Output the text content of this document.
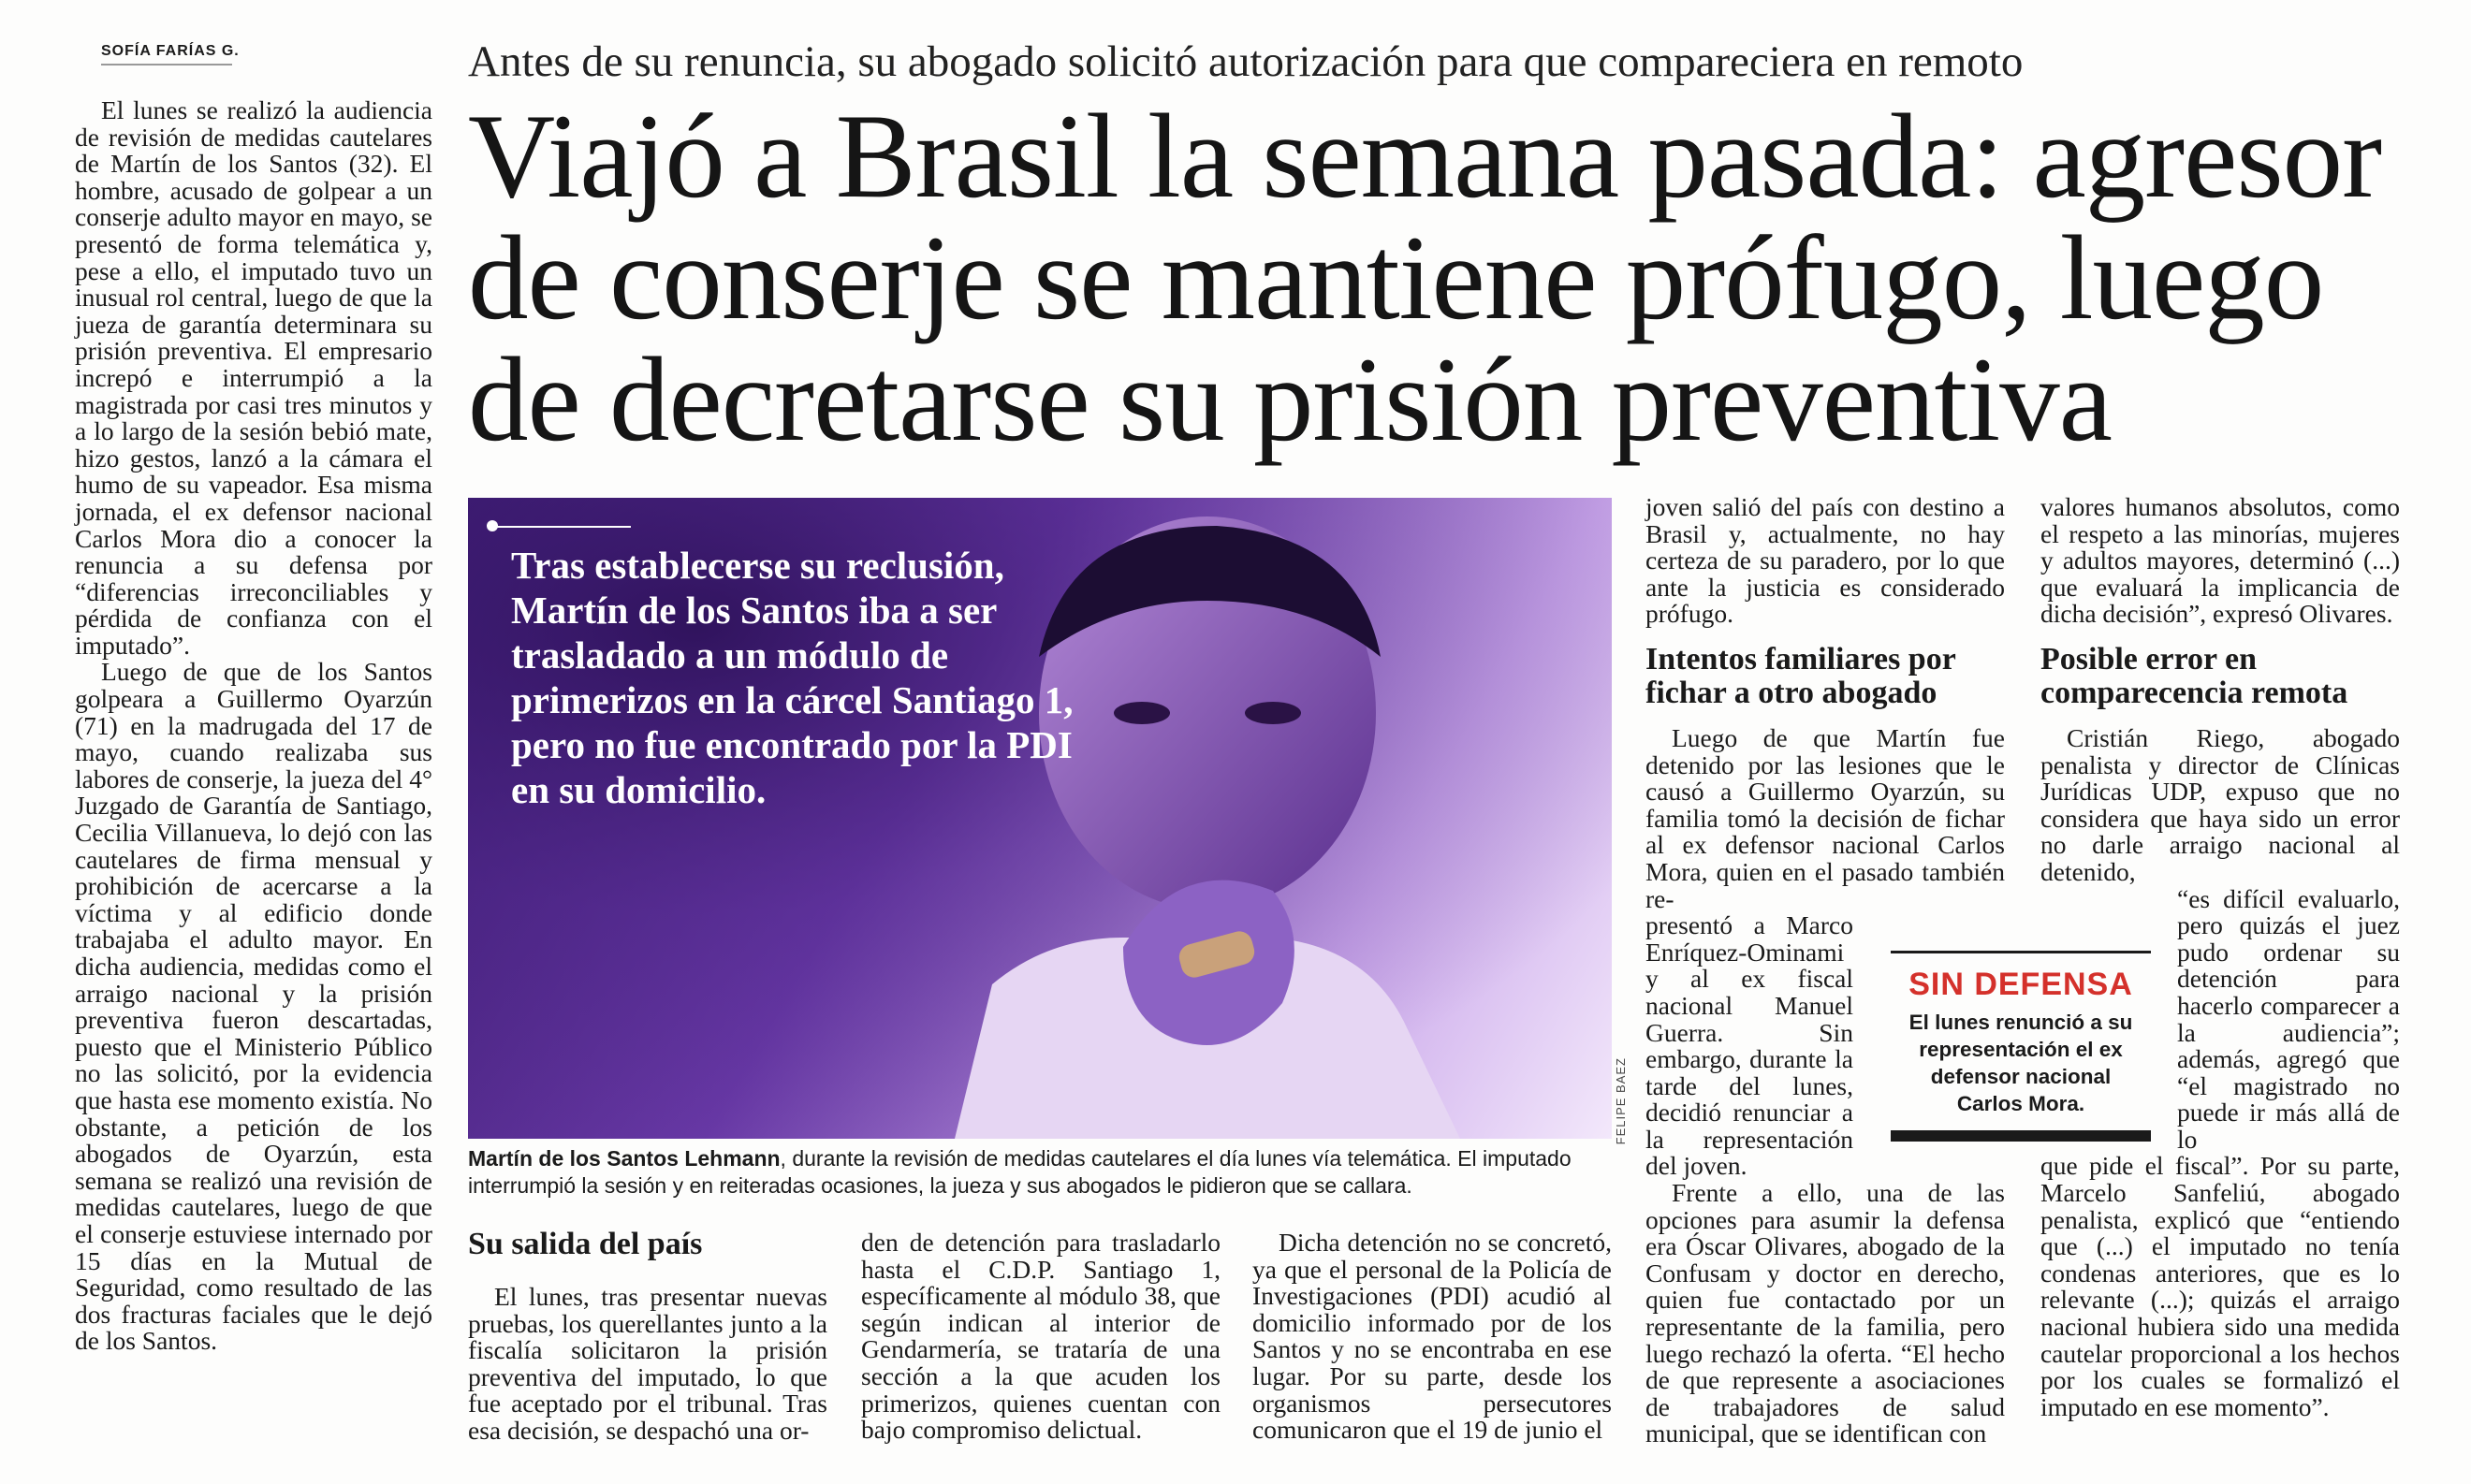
SOFÍA FARÍAS G.	Antes de su renuncia, su abogado solicitó autorización para que compareciera en remoto
Viajó a Brasil la semana pasada: agresor
de conserje se mantiene prófugo, luego
de decretarse su prisión preventiva

El lunes se realizó la audiencia de revisión de medidas cautelares de Martín de los Santos (32). El hombre, acusado de golpear a un conserje adulto mayor en mayo, se presentó de forma telemática y, pese a ello, el imputado tuvo un inusual rol central, luego de que la jueza de garantía determinara su prisión preventiva. El empresario increpó e interrumpió a la magistrada por casi tres minutos y a lo largo de la sesión bebió mate, hizo gestos, lanzó a la cámara el humo de su vapeador. Esa misma jornada, el ex defensor nacional Carlos Mora dio a conocer la renuncia a su defensa por “diferencias irreconciliables y pérdida de confianza con el imputado”.

Luego de que de los Santos golpeara a Guillermo Oyarzún (71) en la madrugada del 17 de mayo, cuando realizaba sus labores de conserje, la jueza del 4° Juzgado de Garantía de Santiago, Cecilia Villanueva, lo dejó con las cautelares de firma mensual y prohibición de acercarse a la víctima y al edificio donde trabajaba el adulto mayor. En dicha audiencia, medidas como el arraigo nacional y la prisión preventiva fueron descartadas, puesto que el Ministerio Público no las solicitó, por la evidencia que hasta ese momento existía. No obstante, a petición de los abogados de Oyarzún, esta semana se realizó una revisión de medidas cautelares, luego de que el conserje estuviese internado por 15 días en la Mutual de Seguridad, como resultado de las dos fracturas faciales que le dejó de los Santos.

Tras establecerse su reclusión, Martín de los Santos iba a ser trasladado a un módulo de primerizos en la cárcel Santiago 1, pero no fue encontrado por la PDI en su domicilio.
FELIPE BAEZ
Martín de los Santos Lehmann, durante la revisión de medidas cautelares el día lunes vía telemática. El imputado interrumpió la sesión y en reiteradas ocasiones, la jueza y sus abogados le pidieron que se callara.
Su salida del país

El lunes, tras presentar nuevas pruebas, los querellantes junto a la fiscalía solicitaron la prisión preventiva del imputado, lo que fue aceptado por el tribunal. Tras esa decisión, se despachó una or-

den de detención para trasladarlo hasta el C.D.P. Santiago 1, específicamente al módulo 38, que según indican al interior de Gendarmería, se trataría de una sección a la que acuden los primerizos, quienes cuentan con bajo compromiso delictual.

Dicha detención no se concretó, ya que el personal de la Policía de Investigaciones (PDI) acudió al domicilio informado por de los Santos y no se encontraba en ese lugar. Por su parte, desde los organismos persecutores comunicaron que el 19 de junio el

joven salió del país con destino a Brasil y, actualmente, no hay certeza de su paradero, por lo que ante la justicia es considerado prófugo.

Intentos familiares por fichar a otro abogado

Luego de que Martín fue detenido por las lesiones que le causó a Guillermo Oyarzún, su familia tomó la decisión de fichar al ex defensor nacional Carlos Mora, quien en el pasado también re-

presentó a Marco Enríquez-Ominami y al ex fiscal nacional Manuel Guerra. Sin embargo, durante la tarde del lunes, decidió renunciar a la representación del joven.

Frente a ello, una de las opciones para asumir la defensa era Óscar Olivares, abogado de la Confusam y doctor en derecho, quien fue contactado por un representante de la familia, pero luego rechazó la oferta. “El hecho de que represente a asociaciones de trabajadores de salud municipal, que se identifican con

SIN DEFENSA
El lunes renunció a su representación el ex defensor nacional Carlos Mora.

valores humanos absolutos, como el respeto a las minorías, mujeres y adultos mayores, determinó (...) que evaluará la implicancia de dicha decisión”, expresó Olivares.

Posible error en comparecencia remota

Cristián Riego, abogado penalista y director de Clínicas Jurídicas UDP, expuso que no considera que haya sido un error no darle arraigo nacional al detenido,

“es difícil evaluarlo, pero quizás el juez pudo ordenar su detención para hacerlo comparecer a la audiencia”; además, agregó que “el magistrado no puede ir más allá de lo

que pide el fiscal”. Por su parte, Marcelo Sanfeliú, abogado penalista, explicó que “entiendo que (...) el imputado no tenía condenas anteriores, que es lo relevante (...); quizás el arraigo nacional hubiera sido una medida cautelar proporcional a los hechos por los cuales se formalizó el imputado en ese momento”.
